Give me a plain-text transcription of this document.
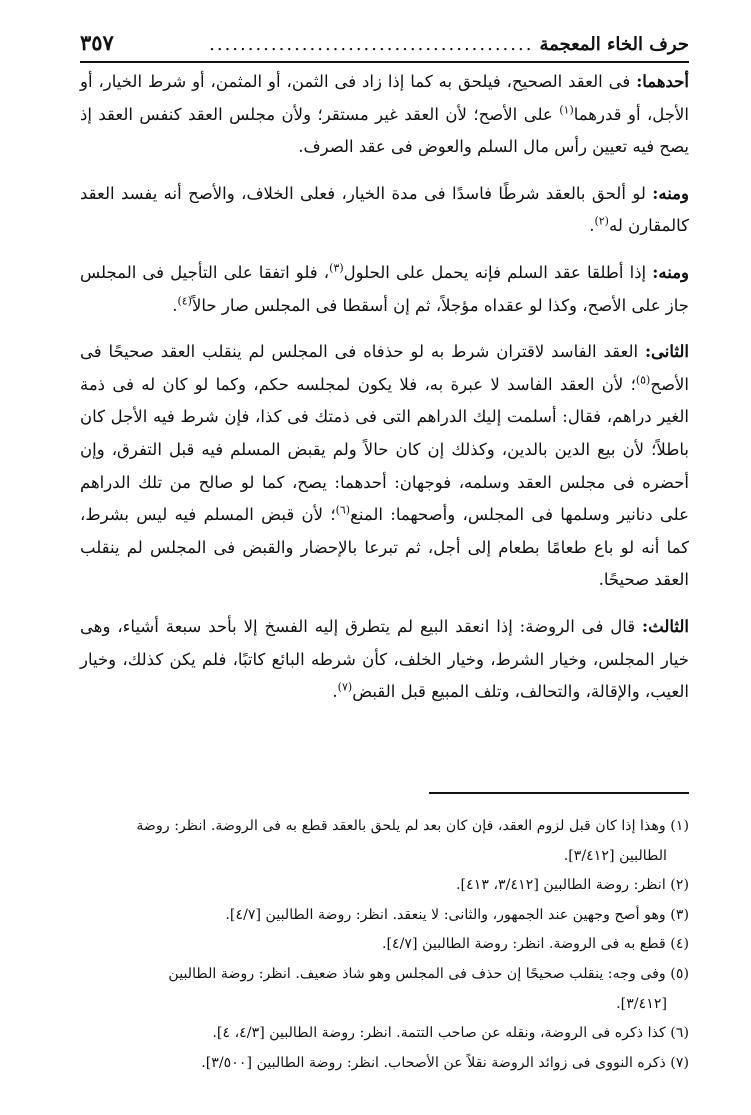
حرف الخاء المعجمة
..........................................
٣٥٧

أحدهما: فى العقد الصحيح، فيلحق به كما إذا زاد فى الثمن، أو المثمن، أو شرط الخيار، أو الأجل، أو قدرهما$^{(١)}$ على الأصح؛ لأن العقد غير مستقر؛ ولأن مجلس العقد كنفس العقد إذ يصح فيه تعيين رأس مال السلم والعوض فى عقد الصرف.

ومنه: لو ألحق بالعقد شرطًا فاسدًا فى مدة الخيار، فعلى الخلاف، والأصح أنه يفسد العقد كالمقارن له$^{(٢)}$.

ومنه: إذا أطلقا عقد السلم فإنه يحمل على الحلول$^{(٣)}$، فلو اتفقا على التأجيل فى المجلس جاز على الأصح، وكذا لو عقداه مؤجلاً، ثم إن أسقطا فى المجلس صار حالاً$^{(٤)}$.

الثانى: العقد الفاسد لاقتران شرط به لو حذفاه فى المجلس لم ينقلب العقد صحيحًا فى الأصح$^{(٥)}$؛ لأن العقد الفاسد لا عبرة به، فلا يكون لمجلسه حكم، وكما لو كان له فى ذمة الغير دراهم، فقال: أسلمت إليك الدراهم التى فى ذمتك فى كذا، فإن شرط فيه الأجل كان باطلاً؛ لأن بيع الدين بالدين، وكذلك إن كان حالاً ولم يقبض المسلم فيه قبل التفرق، وإن أحضره فى مجلس العقد وسلمه، فوجهان: أحدهما: يصح، كما لو صالح من تلك الدراهم على دنانير وسلمها فى المجلس، وأصحهما: المنع$^{(٦)}$؛ لأن قبض المسلم فيه ليس بشرط، كما أنه لو باع طعامًا بطعام إلى أجل، ثم تبرعا بالإحضار والقبض فى المجلس لم ينقلب العقد صحيحًا.

الثالث: قال فى الروضة: إذا انعقد البيع لم يتطرق إليه الفسخ إلا بأحد سبعة أشياء، وهى خيار المجلس، وخيار الشرط، وخيار الخلف، كأن شرطه البائع كاتبًا، فلم يكن كذلك، وخيار العيب، والإقالة، والتحالف، وتلف المبيع قبل القبض$^{(٧)}$.

(١) وهذا إذا كان قبل لزوم العقد، فإن كان بعد لم يلحق بالعقد قطع به فى الروضة. انظر: روضة
الطالبين [٣/٤١٢].
(٢) انظر: روضة الطالبين [٣/٤١٢، ٤١٣].
(٣) وهو أصح وجهين عند الجمهور، والثانى: لا ينعقد. انظر: روضة الطالبين [٤/٧].
(٤) قطع به فى الروضة. انظر: روضة الطالبين [٤/٧].
(٥) وفى وجه: ينقلب صحيحًا إن حذف فى المجلس وهو شاذ ضعيف. انظر: روضة الطالبين
[٣/٤١٢].
(٦) كذا ذكره فى الروضة، ونقله عن صاحب التتمة. انظر: روضة الطالبين [٤/٣، ٤].
(٧) ذكره النووى فى زوائد الروضة نقلاً عن الأصحاب. انظر: روضة الطالبين [٣/٥٠٠].
